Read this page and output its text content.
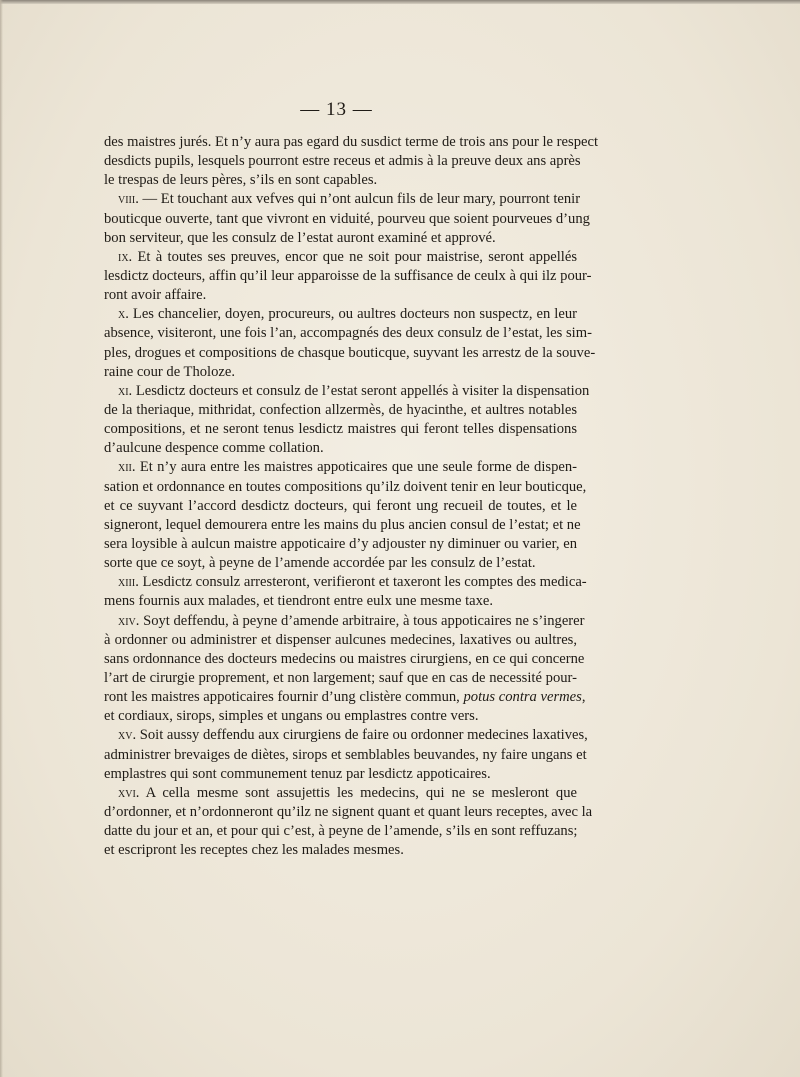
— 13 —
des maistres jurés. Et n’y aura pas egard du susdict terme de trois ans pour le respect
desdicts pupils, lesquels pourront estre receus et admis à la preuve deux ans après
le trespas de leurs pères, s’ils en sont capables.
viii. — Et touchant aux vefves qui n’ont aulcun fils de leur mary, pourront tenir
bouticque ouverte, tant que vivront en viduité, pourveu que soient pourveues d’ung
bon serviteur, que les consulz de l’estat auront examiné et apprové.
ix. Et à toutes ses preuves, encor que ne soit pour maistrise, seront appellés
lesdictz docteurs, affin qu’il leur apparoisse de la suffisance de ceulx à qui ilz pour-
ront avoir affaire.
x. Les chancelier, doyen, procureurs, ou aultres docteurs non suspectz, en leur
absence, visiteront, une fois l’an, accompagnés des deux consulz de l’estat, les sim-
ples, drogues et compositions de chasque bouticque, suyvant les arrestz de la souve-
raine cour de Tholoze.
xi. Lesdictz docteurs et consulz de l’estat seront appellés à visiter la dispensation
de la theriaque, mithridat, confection allzermès, de hyacinthe, et aultres notables
compositions, et ne seront tenus lesdictz maistres qui feront telles dispensations
d’aulcune despence comme collation.
xii. Et n’y aura entre les maistres appoticaires que une seule forme de dispen-
sation et ordonnance en toutes compositions qu’ilz doivent tenir en leur bouticque,
et ce suyvant l’accord desdictz docteurs, qui feront ung recueil de toutes, et le
signeront, lequel demourera entre les mains du plus ancien consul de l’estat; et ne
sera loysible à aulcun maistre appoticaire d’y adjouster ny diminuer ou varier, en
sorte que ce soyt, à peyne de l’amende accordée par les consulz de l’estat.
xiii. Lesdictz consulz arresteront, verifieront et taxeront les comptes des medica-
mens fournis aux malades, et tiendront entre eulx une mesme taxe.
xiv. Soyt deffendu, à peyne d’amende arbitraire, à tous appoticaires ne s’ingerer
à ordonner ou administrer et dispenser aulcunes medecines, laxatives ou aultres,
sans ordonnance des docteurs medecins ou maistres cirurgiens, en ce qui concerne
l’art de cirurgie proprement, et non largement; sauf que en cas de necessité pour-
ront les maistres appoticaires fournir d’ung clistère commun, potus contra vermes,
et cordiaux, sirops, simples et ungans ou emplastres contre vers.
xv. Soit aussy deffendu aux cirurgiens de faire ou ordonner medecines laxatives,
administrer brevaiges de diètes, sirops et semblables beuvandes, ny faire ungans et
emplastres qui sont communement tenuz par lesdictz appoticaires.
xvi. A cella mesme sont assujettis les medecins, qui ne se mesleront que
d’ordonner, et n’ordonneront qu’ilz ne signent quant et quant leurs receptes, avec la
datte du jour et an, et pour qui c’est, à peyne de l’amende, s’ils en sont reffuzans;
et escripront les receptes chez les malades mesmes.
